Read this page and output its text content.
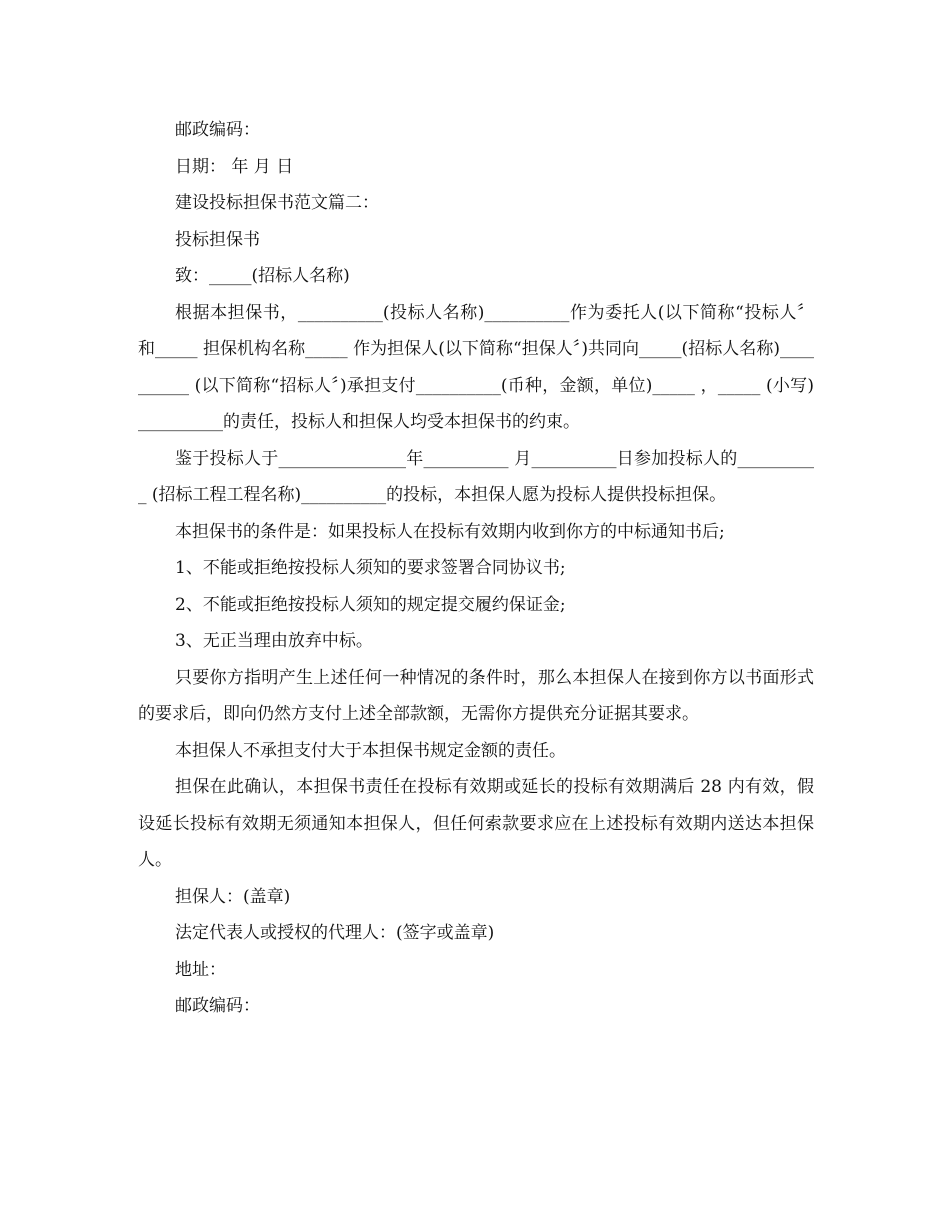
邮政编码：

日期： 年 月 日

建设投标担保书范文篇二：

投标担保书

致：_____(招标人名称)

根据本担保书，__________(投标人名称)__________作为委托人(以下简称“投标人〞和_____ 担保机构名称_____ 作为担保人(以下简称“担保人〞)共同向_____(招标人名称)__________ (以下简称“招标人〞)承担支付__________(币种，金额，单位)_____ ，_____ (小写)__________的责任，投标人和担保人均受本担保书的约束。

鉴于投标人于_______________年__________ 月__________日参加投标人的__________ (招标工程工程名称)__________的投标，本担保人愿为投标人提供投标担保。

本担保书的条件是：如果投标人在投标有效期内收到你方的中标通知书后;

1、不能或拒绝按投标人须知的要求签署合同协议书;

2、不能或拒绝按投标人须知的规定提交履约保证金;

3、无正当理由放弃中标。

只要你方指明产生上述任何一种情况的条件时，那么本担保人在接到你方以书面形式的要求后，即向仍然方支付上述全部款额，无需你方提供充分证据其要求。

本担保人不承担支付大于本担保书规定金额的责任。

担保在此确认，本担保书责任在投标有效期或延长的投标有效期满后 28 内有效，假设延长投标有效期无须通知本担保人，但任何索款要求应在上述投标有效期内送达本担保人。

担保人：(盖章)

法定代表人或授权的代理人：(签字或盖章)

地址：

邮政编码：
